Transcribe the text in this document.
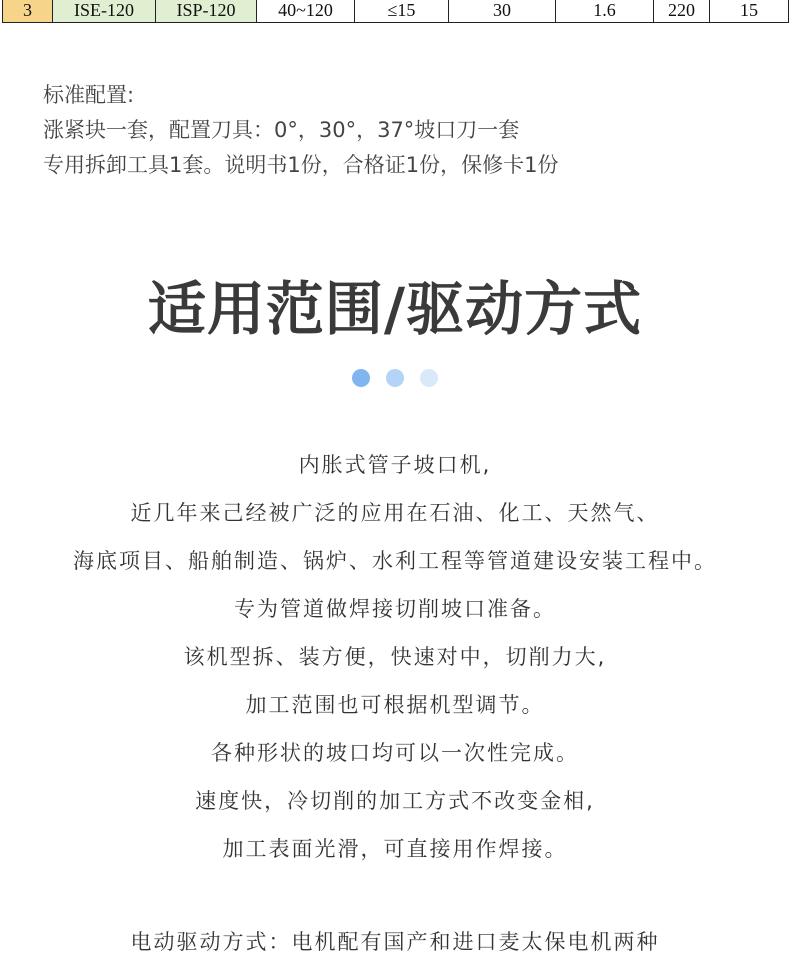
3	ISE-120	ISP-120	40~120	≤15	30	1.6	220	15
标准配置:
涨紧块一套，配置刀具：0°，30°，37°坡口刀一套
专用拆卸工具1套。说明书1份，合格证1份，保修卡1份
适用范围/驱动方式
内胀式管子坡口机,
近几年来己经被广泛的应用在石油、化工、天然气、
海底项目、船舶制造、锅炉、水利工程等管道建设安装工程中。
专为管道做焊接切削坡口准备。
该机型拆、装方便，快速对中，切削力大,
加工范围也可根据机型调节。
各种形状的坡口均可以一次性完成。
速度快，冷切削的加工方式不改变金相,
加工表面光滑，可直接用作焊接。
电动驱动方式：电机配有国产和进口麦太保电机两种
